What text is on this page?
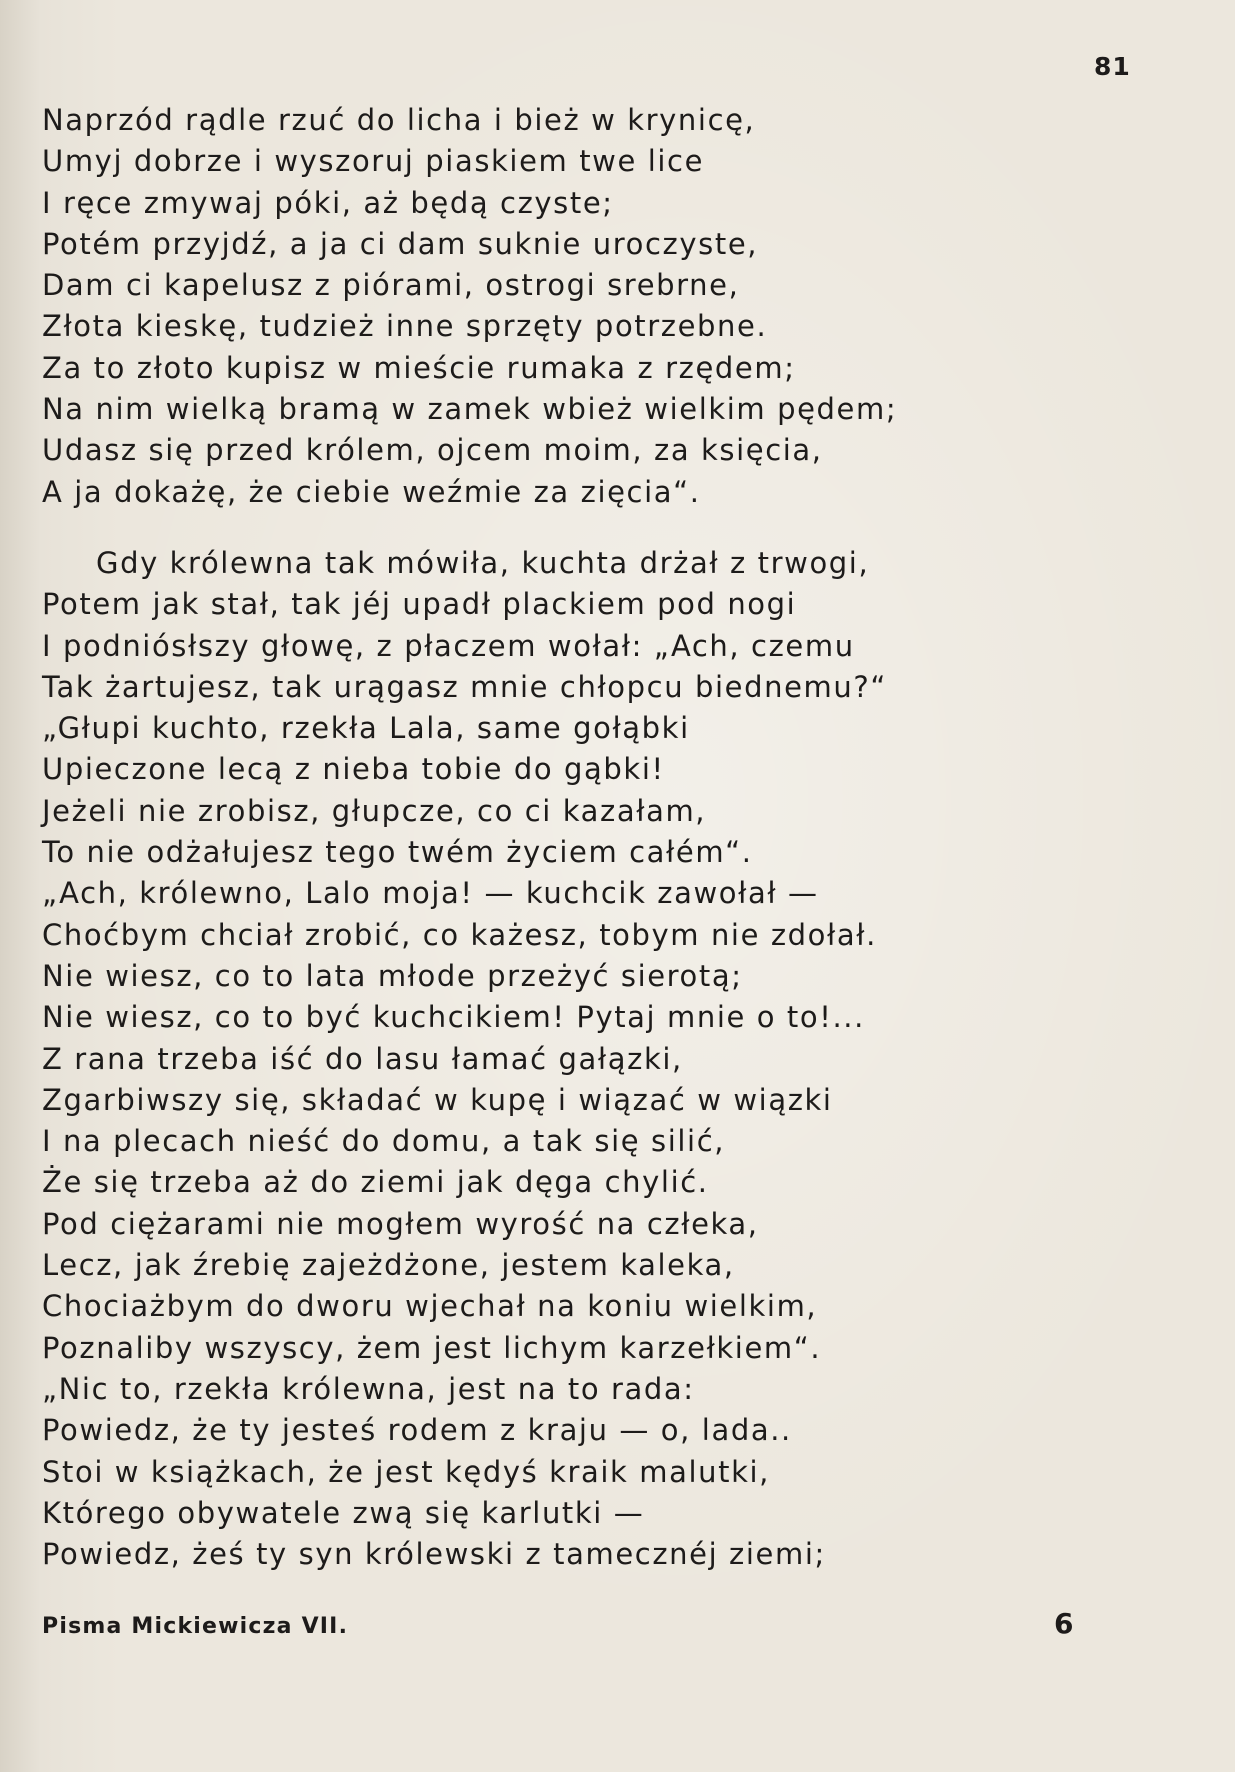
81
Naprzód rądle rzuć do licha i bież w krynicę,
Umyj dobrze i wyszoruj piaskiem twe lice
I ręce zmywaj póki, aż będą czyste;
Potém przyjdź, a ja ci dam suknie uroczyste,
Dam ci kapelusz z piórami, ostrogi srebrne,
Złota kieskę, tudzież inne sprzęty potrzebne.
Za to złoto kupisz w mieście rumaka z rzędem;
Na nim wielką bramą w zamek wbież wielkim pędem;
Udasz się przed królem, ojcem moim, za księcia,
A ja dokażę, że ciebie weźmie za zięcia“.
Gdy królewna tak mówiła, kuchta drżał z trwogi,
Potem jak stał, tak jéj upadł plackiem pod nogi
I podniósłszy głowę, z płaczem wołał: „Ach, czemu
Tak żartujesz, tak urągasz mnie chłopcu biednemu?“
„Głupi kuchto, rzekła Lala, same gołąbki
Upieczone lecą z nieba tobie do gąbki!
Jeżeli nie zrobisz, głupcze, co ci kazałam,
To nie odżałujesz tego twém życiem całém“.
„Ach, królewno, Lalo moja! — kuchcik zawołał —
Choćbym chciał zrobić, co każesz, tobym nie zdołał.
Nie wiesz, co to lata młode przeżyć sierotą;
Nie wiesz, co to być kuchcikiem! Pytaj mnie o to!...
Z rana trzeba iść do lasu łamać gałązki,
Zgarbiwszy się, składać w kupę i wiązać w wiązki
I na plecach nieść do domu, a tak się silić,
Że się trzeba aż do ziemi jak dęga chylić.
Pod ciężarami nie mogłem wyrość na człeka,
Lecz, jak źrebię zajeżdżone, jestem kaleka,
Chociażbym do dworu wjechał na koniu wielkim,
Poznaliby wszyscy, żem jest lichym karzełkiem“.
„Nic to, rzekła królewna, jest na to rada:
Powiedz, że ty jesteś rodem z kraju — o, lada..
Stoi w książkach, że jest kędyś kraik malutki,
Którego obywatele zwą się karlutki —
Powiedz, żeś ty syn królewski z tamecznéj ziemi;
Pisma Mickiewicza VII.	6
